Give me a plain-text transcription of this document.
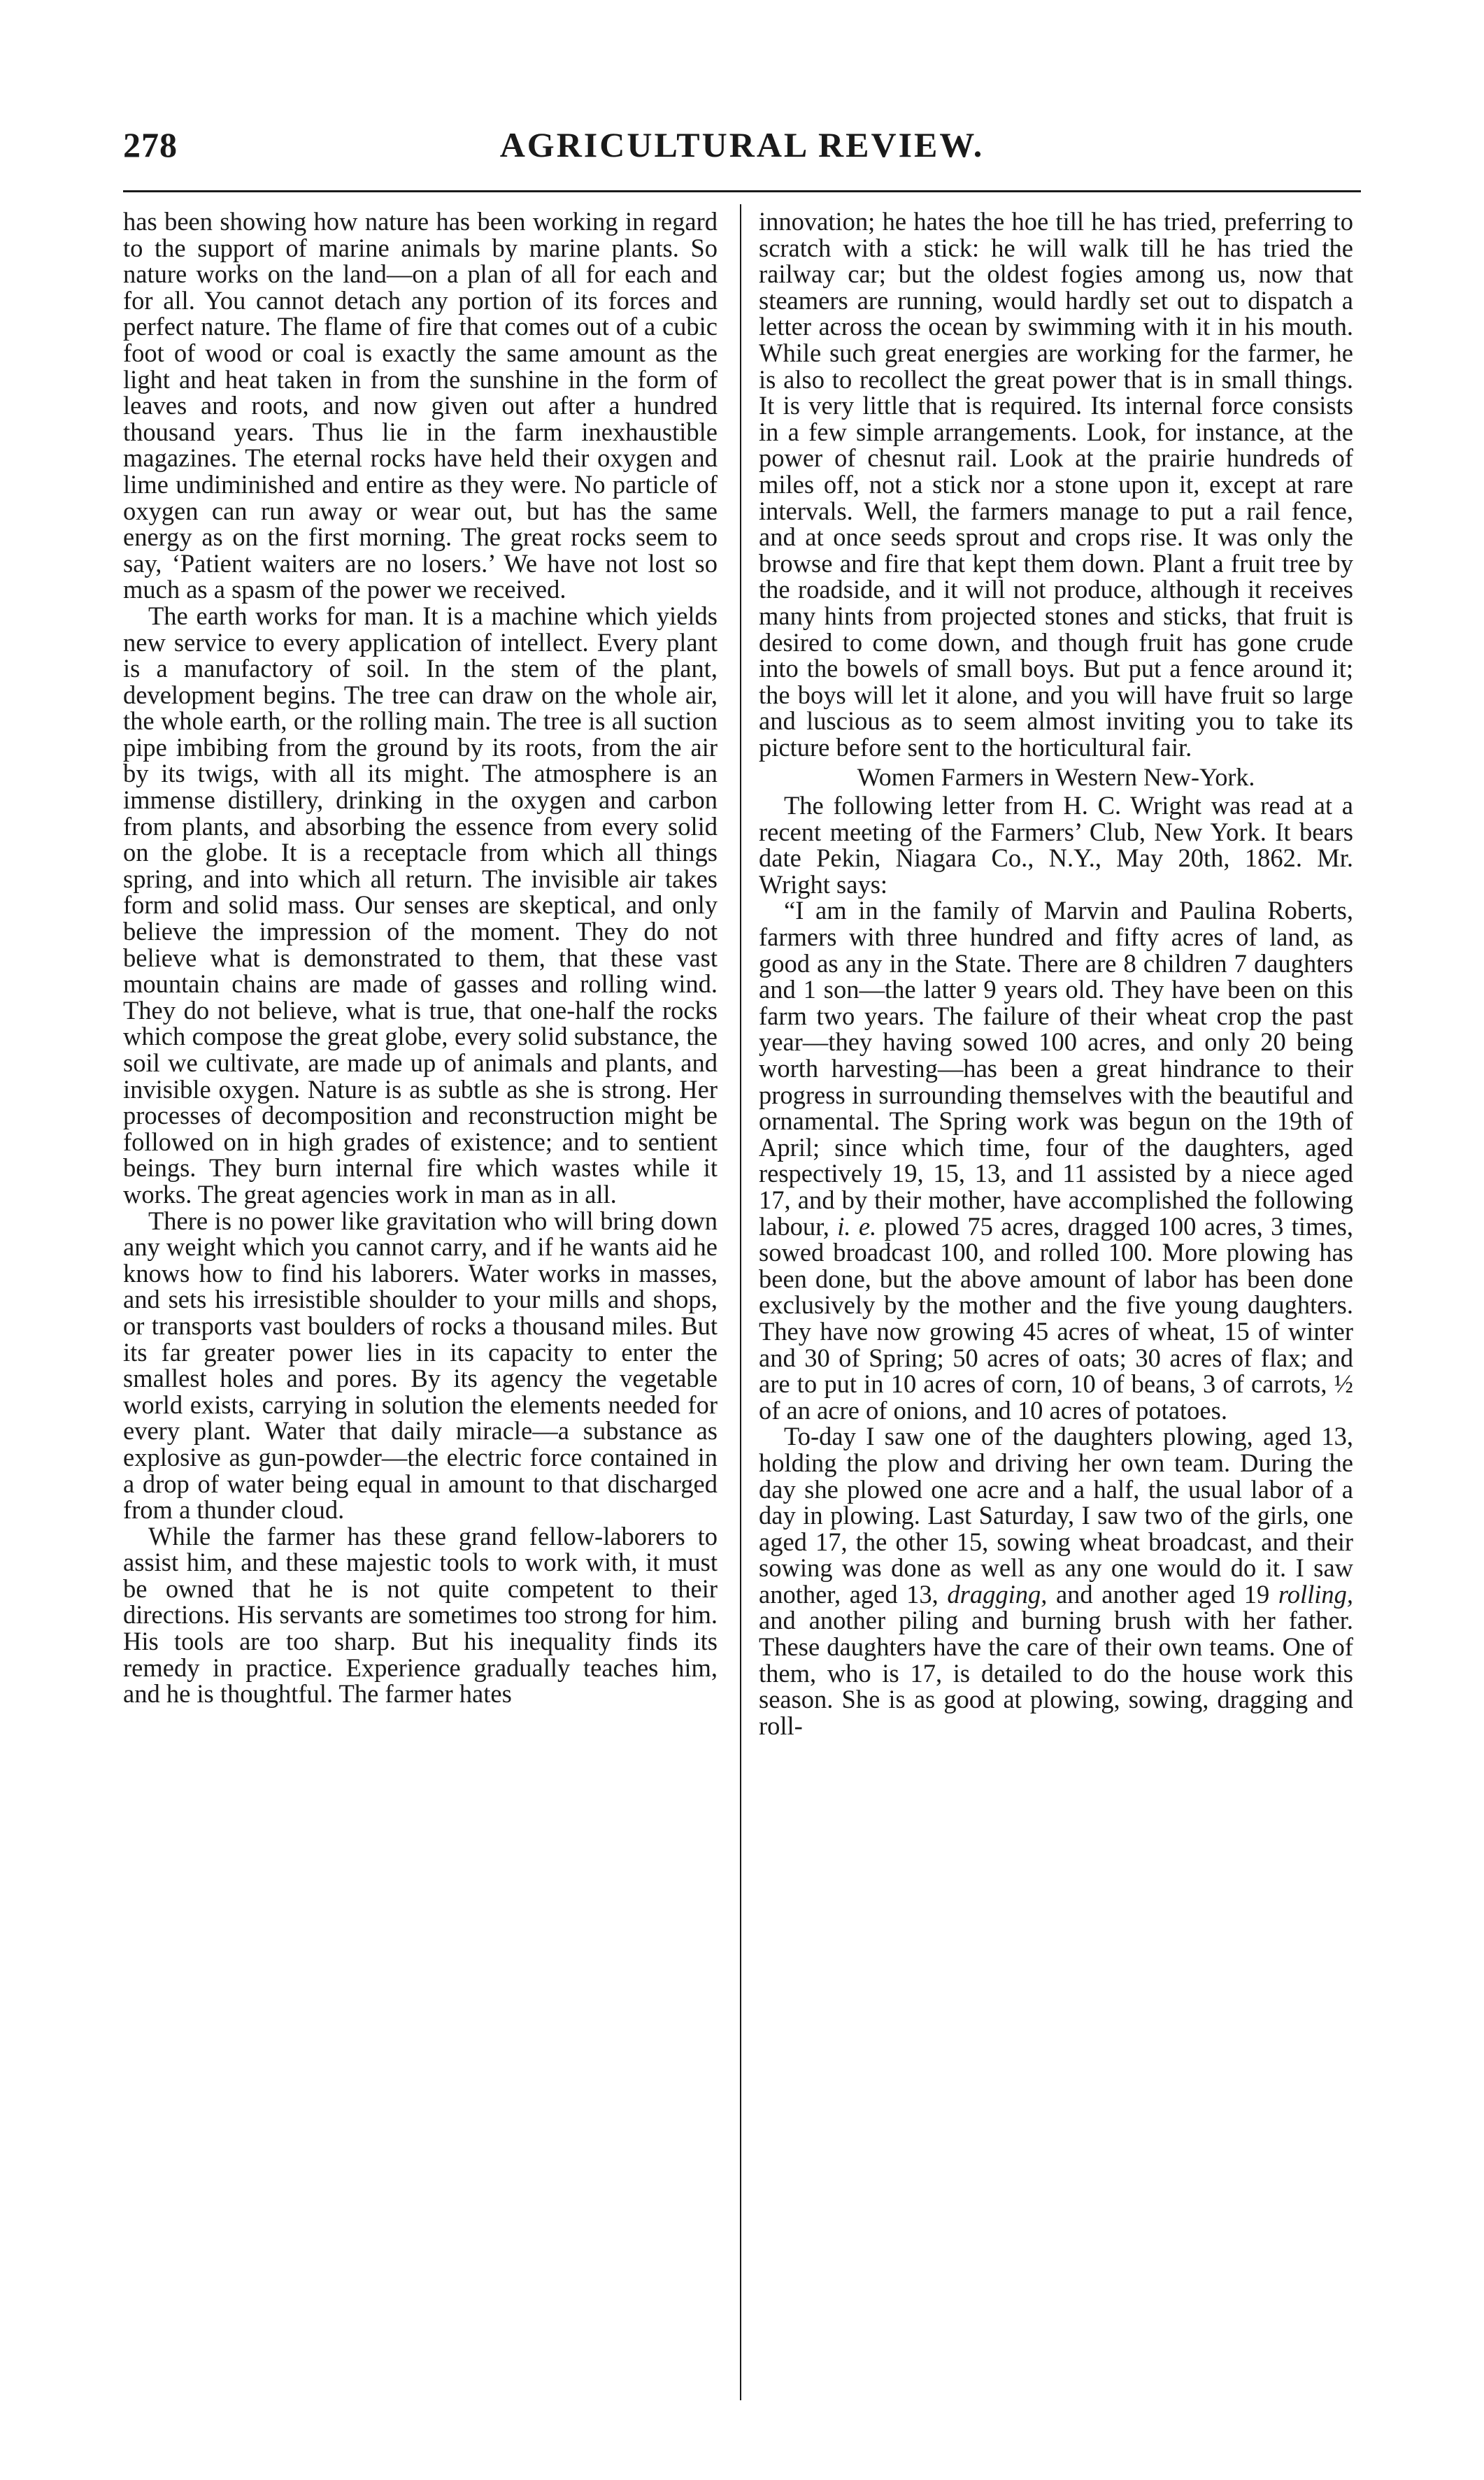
278	AGRICULTURAL REVIEW.

has been showing how nature has been working in regard to the support of marine animals by marine plants. So nature works on the land—on a plan of all for each and for all. You cannot detach any portion of its forces and perfect nature. The flame of fire that comes out of a cubic foot of wood or coal is exactly the same amount as the light and heat taken in from the sunshine in the form of leaves and roots, and now given out after a hundred thousand years. Thus lie in the farm inexhaustible magazines. The eternal rocks have held their oxygen and lime undiminished and entire as they were. No particle of oxygen can run away or wear out, but has the same energy as on the first morning. The great rocks seem to say, ‘Patient waiters are no losers.’ We have not lost so much as a spasm of the power we received.

The earth works for man. It is a machine which yields new service to every application of intellect. Every plant is a manufactory of soil. In the stem of the plant, development begins. The tree can draw on the whole air, the whole earth, or the rolling main. The tree is all suction pipe imbibing from the ground by its roots, from the air by its twigs, with all its might. The atmosphere is an immense distillery, drinking in the oxygen and carbon from plants, and absorbing the essence from every solid on the globe. It is a receptacle from which all things spring, and into which all return. The invisible air takes form and solid mass. Our senses are skeptical, and only believe the impression of the moment. They do not believe what is demonstrated to them, that these vast mountain chains are made of gasses and rolling wind. They do not believe, what is true, that one-half the rocks which compose the great globe, every solid substance, the soil we cultivate, are made up of animals and plants, and invisible oxygen. Nature is as subtle as she is strong. Her processes of decomposition and reconstruction might be followed on in high grades of existence; and to sentient beings. They burn internal fire which wastes while it works. The great agencies work in man as in all.

There is no power like gravitation who will bring down any weight which you cannot carry, and if he wants aid he knows how to find his laborers. Water works in masses, and sets his irresistible shoulder to your mills and shops, or transports vast boulders of rocks a thousand miles. But its far greater power lies in its capacity to enter the smallest holes and pores. By its agency the vegetable world exists, carrying in solution the elements needed for every plant. Water that daily miracle—a substance as explosive as gun-powder—the electric force contained in a drop of water being equal in amount to that discharged from a thunder cloud.

While the farmer has these grand fellow-laborers to assist him, and these majestic tools to work with, it must be owned that he is not quite competent to their directions. His servants are sometimes too strong for him. His tools are too sharp. But his inequality finds its remedy in practice. Experience gradually teaches him, and he is thoughtful. The farmer hates

innovation; he hates the hoe till he has tried, preferring to scratch with a stick: he will walk till he has tried the railway car; but the oldest fogies among us, now that steamers are running, would hardly set out to dispatch a letter across the ocean by swimming with it in his mouth. While such great energies are working for the farmer, he is also to recollect the great power that is in small things. It is very little that is required. Its internal force consists in a few simple arrangements. Look, for instance, at the power of chesnut rail. Look at the prairie hundreds of miles off, not a stick nor a stone upon it, except at rare intervals. Well, the farmers manage to put a rail fence, and at once seeds sprout and crops rise. It was only the browse and fire that kept them down. Plant a fruit tree by the roadside, and it will not produce, although it receives many hints from projected stones and sticks, that fruit is desired to come down, and though fruit has gone crude into the bowels of small boys. But put a fence around it; the boys will let it alone, and you will have fruit so large and luscious as to seem almost inviting you to take its picture before sent to the horticultural fair.

Women Farmers in Western New-York.

The following letter from H. C. Wright was read at a recent meeting of the Farmers’ Club, New York. It bears date Pekin, Niagara Co., N.Y., May 20th, 1862. Mr. Wright says:

“I am in the family of Marvin and Paulina Roberts, farmers with three hundred and fifty acres of land, as good as any in the State. There are 8 children 7 daughters and 1 son—the latter 9 years old. They have been on this farm two years. The failure of their wheat crop the past year—they having sowed 100 acres, and only 20 being worth harvesting—has been a great hindrance to their progress in surrounding themselves with the beautiful and ornamental. The Spring work was begun on the 19th of April; since which time, four of the daughters, aged respectively 19, 15, 13, and 11 assisted by a niece aged 17, and by their mother, have accomplished the following labour, i. e. plowed 75 acres, dragged 100 acres, 3 times, sowed broadcast 100, and rolled 100. More plowing has been done, but the above amount of labor has been done exclusively by the mother and the five young daughters. They have now growing 45 acres of wheat, 15 of winter and 30 of Spring; 50 acres of oats; 30 acres of flax; and are to put in 10 acres of corn, 10 of beans, 3 of carrots, ½ of an acre of onions, and 10 acres of potatoes.

To-day I saw one of the daughters plowing, aged 13, holding the plow and driving her own team. During the day she plowed one acre and a half, the usual labor of a day in plowing. Last Saturday, I saw two of the girls, one aged 17, the other 15, sowing wheat broadcast, and their sowing was done as well as any one would do it. I saw another, aged 13, dragging, and another aged 19 rolling, and another piling and burning brush with her father. These daughters have the care of their own teams. One of them, who is 17, is detailed to do the house work this season. She is as good at plowing, sowing, dragging and roll-
